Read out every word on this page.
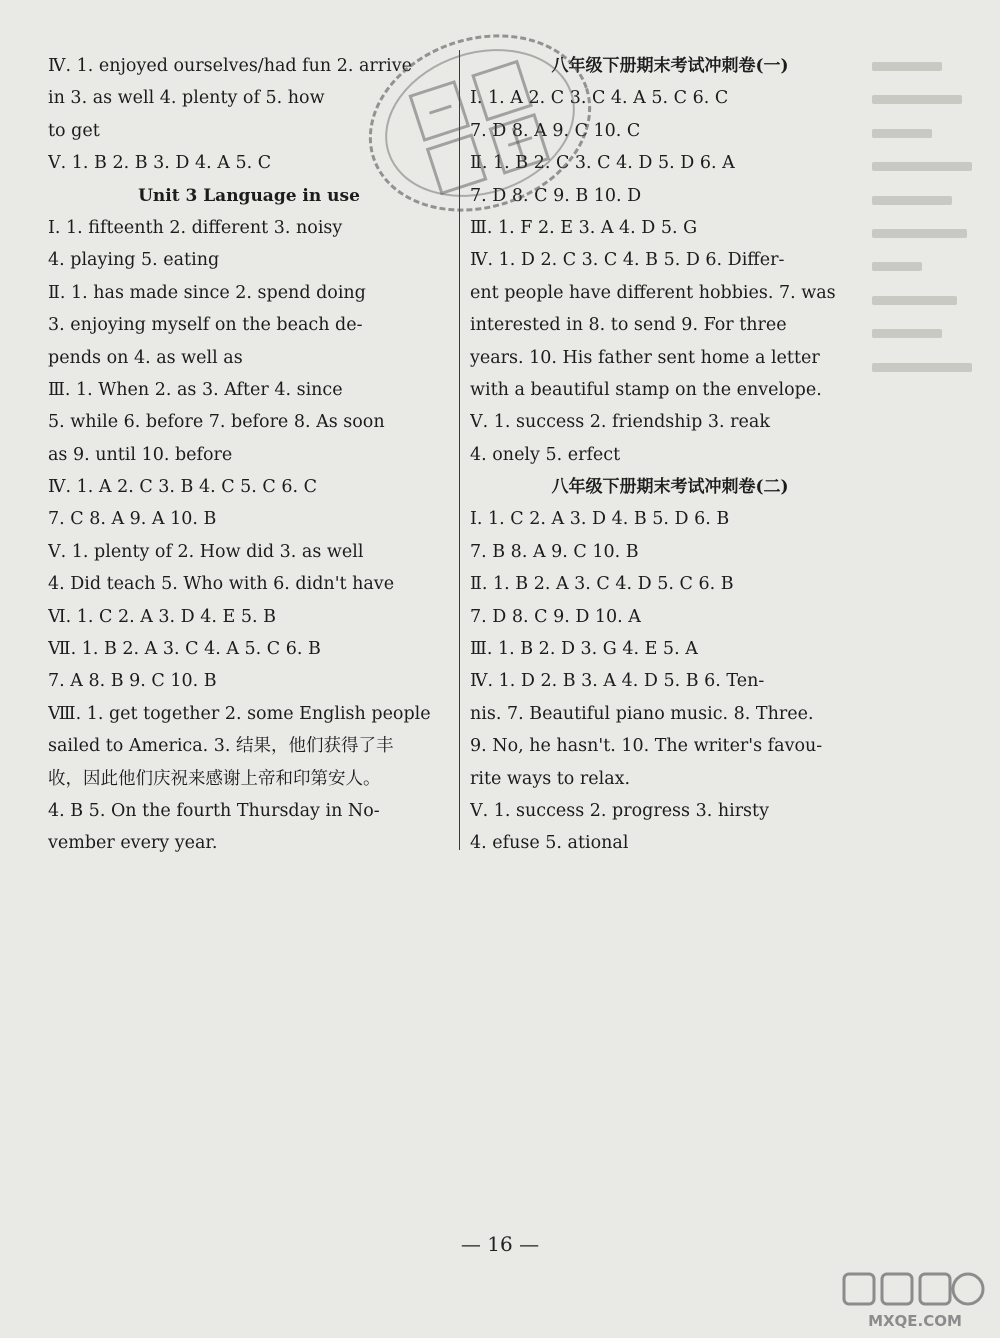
Ⅳ. 1. enjoyed ourselves/had fun 2. arrive
in 3. as well 4. plenty of 5. how
to get
Ⅴ. 1. B 2. B 3. D 4. A 5. C
Unit 3 Language in use
Ⅰ. 1. fifteenth 2. different 3. noisy
4. playing 5. eating
Ⅱ. 1. has made since 2. spend doing
3. enjoying myself on the beach de-
pends on 4. as well as
Ⅲ. 1. When 2. as 3. After 4. since
5. while 6. before 7. before 8. As soon
as 9. until 10. before
Ⅳ. 1. A 2. C 3. B 4. C 5. C 6. C
7. C 8. A 9. A 10. B
Ⅴ. 1. plenty of 2. How did 3. as well
4. Did teach 5. Who with 6. didn't have
Ⅵ. 1. C 2. A 3. D 4. E 5. B
Ⅶ. 1. B 2. A 3. C 4. A 5. C 6. B
7. A 8. B 9. C 10. B
Ⅷ. 1. get together 2. some English people
sailed to America. 3. 结果，他们获得了丰
收，因此他们庆祝来感谢上帝和印第安人。
4. B 5. On the fourth Thursday in No-
vember every year.
八年级下册期末考试冲刺卷(一)
Ⅰ. 1. A 2. C 3. C 4. A 5. C 6. C
7. D 8. A 9. C 10. C
Ⅱ. 1. B 2. C 3. C 4. D 5. D 6. A
7. D 8. C 9. B 10. D
Ⅲ. 1. F 2. E 3. A 4. D 5. G
Ⅳ. 1. D 2. C 3. C 4. B 5. D 6. Differ-
ent people have different hobbies. 7. was
interested in 8. to send 9. For three
years. 10. His father sent home a letter
with a beautiful stamp on the envelope.
Ⅴ. 1. success 2. friendship 3. reak
4. onely 5. erfect
八年级下册期末考试冲刺卷(二)
Ⅰ. 1. C 2. A 3. D 4. B 5. D 6. B
7. B 8. A 9. C 10. B
Ⅱ. 1. B 2. A 3. C 4. D 5. C 6. B
7. D 8. C 9. D 10. A
Ⅲ. 1. B 2. D 3. G 4. E 5. A
Ⅳ. 1. D 2. B 3. A 4. D 5. B 6. Ten-
nis. 7. Beautiful piano music. 8. Three.
9. No, he hasn't. 10. The writer's favou-
rite ways to relax.
Ⅴ. 1. success 2. progress 3. hirsty
4. efuse 5. ational
— 16 —
MXQE.COM
